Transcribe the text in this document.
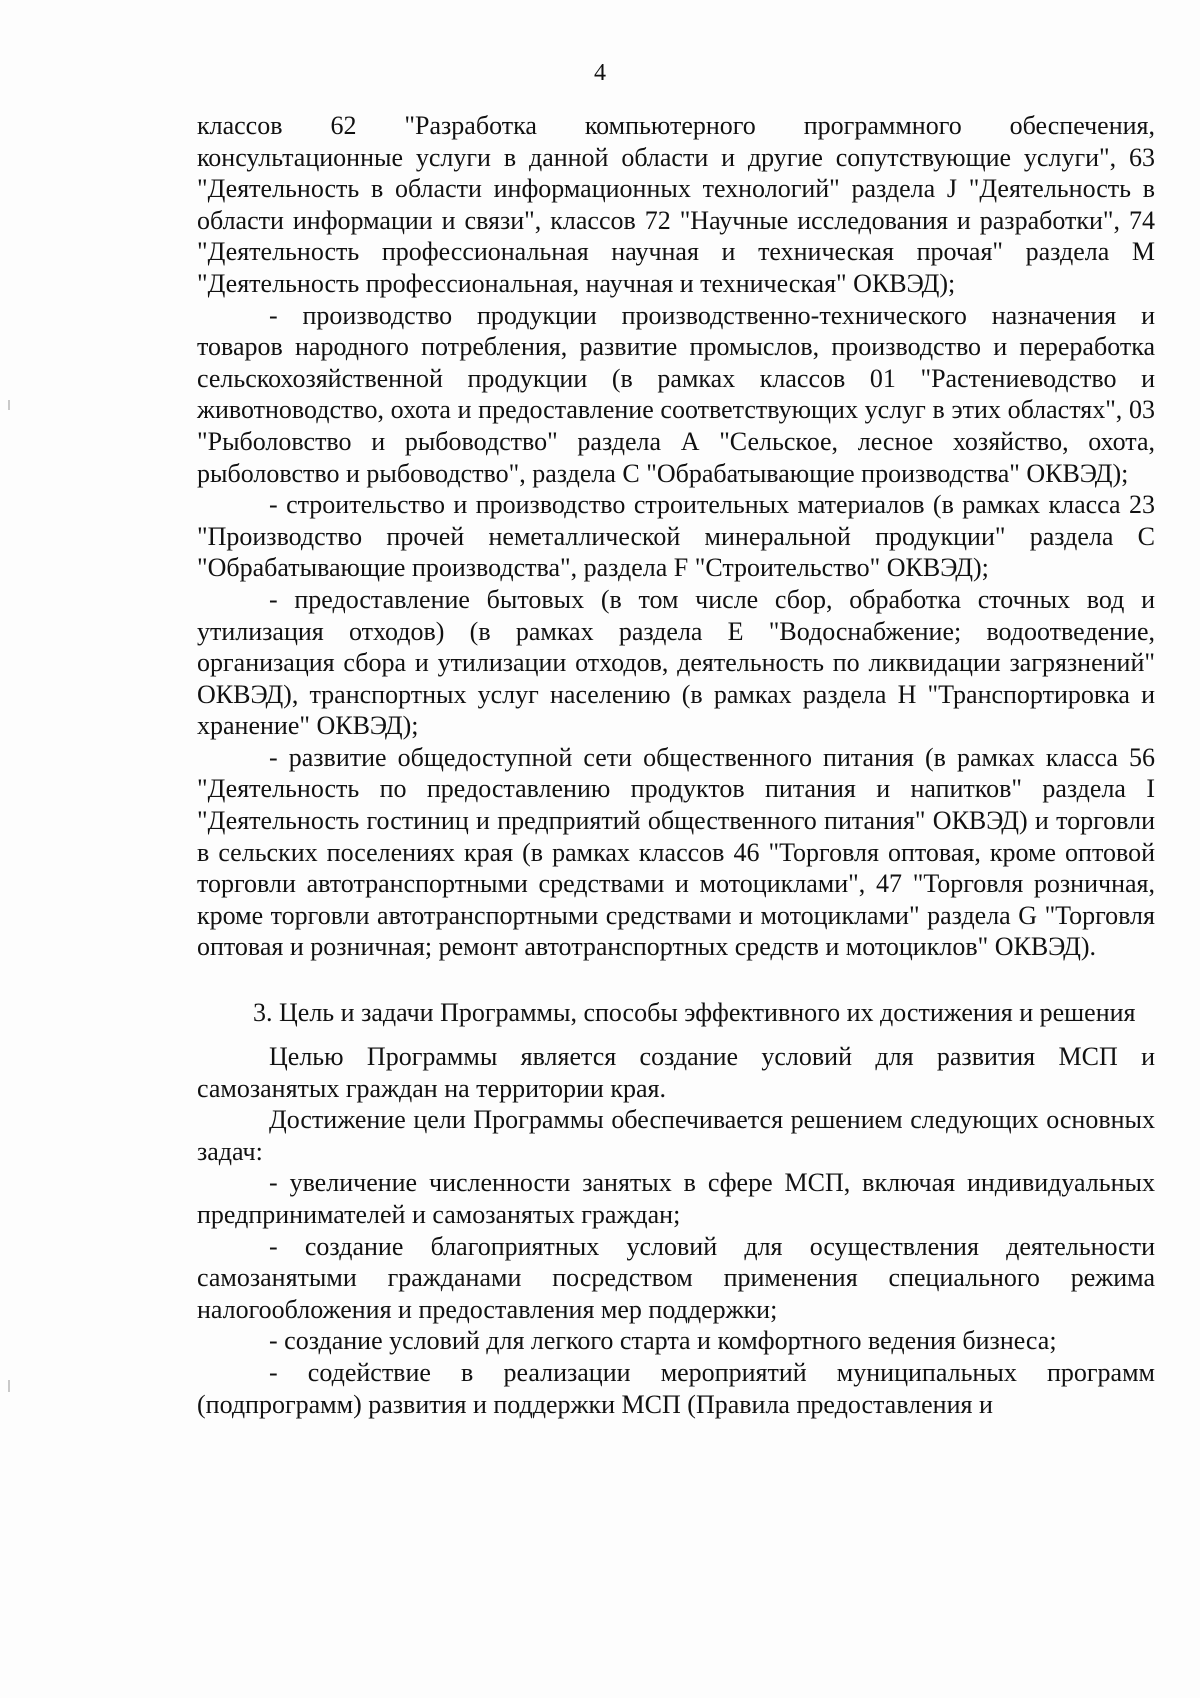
4

классов 62 "Разработка компьютерного программного обеспечения, консультационные услуги в данной области и другие сопутствующие услуги", 63 "Деятельность в области информационных технологий" раздела J "Деятельность в области информации и связи", классов 72 "Научные исследования и разработки", 74 "Деятельность профессиональная научная и техническая прочая" раздела М "Деятельность профессиональная, научная и техническая" ОКВЭД);

- производство продукции производственно-технического назначения и товаров народного потребления, развитие промыслов, производство и переработка сельскохозяйственной продукции (в рамках классов 01 "Растениеводство и животноводство, охота и предоставление соответствующих услуг в этих областях", 03 "Рыболовство и рыбоводство" раздела А "Сельское, лесное хозяйство, охота, рыболовство и рыбоводство", раздела С "Обрабатывающие производства" ОКВЭД);

- строительство и производство строительных материалов (в рамках класса 23 "Производство прочей неметаллической минеральной продукции" раздела С "Обрабатывающие производства", раздела F "Строительство" ОКВЭД);

- предоставление бытовых (в том числе сбор, обработка сточных вод и утилизация отходов) (в рамках раздела Е "Водоснабжение; водоотведение, организация сбора и утилизации отходов, деятельность по ликвидации загрязнений" ОКВЭД), транспортных услуг населению (в рамках раздела Н "Транспортировка и хранение" ОКВЭД);

- развитие общедоступной сети общественного питания (в рамках класса 56 "Деятельность по предоставлению продуктов питания и напитков" раздела I "Деятельность гостиниц и предприятий общественного питания" ОКВЭД) и торговли в сельских поселениях края (в рамках классов 46 "Торговля оптовая, кроме оптовой торговли автотранспортными средствами и мотоциклами", 47 "Торговля розничная, кроме торговли автотранспортными средствами и мотоциклами" раздела G "Торговля оптовая и розничная; ремонт автотранспортных средств и мотоциклов" ОКВЭД).

3. Цель и задачи Программы, способы эффективного их достижения и решения

Целью Программы является создание условий для развития МСП и самозанятых граждан на территории края.

Достижение цели Программы обеспечивается решением следующих основных задач:

- увеличение численности занятых в сфере МСП, включая индивидуальных предпринимателей и самозанятых граждан;

- создание благоприятных условий для осуществления деятельности самозанятыми гражданами посредством применения специального режима налогообложения и предоставления мер поддержки;

- создание условий для легкого старта и комфортного ведения бизнеса;

- содействие в реализации мероприятий муниципальных программ (подпрограмм) развития и поддержки МСП (Правила предоставления и
